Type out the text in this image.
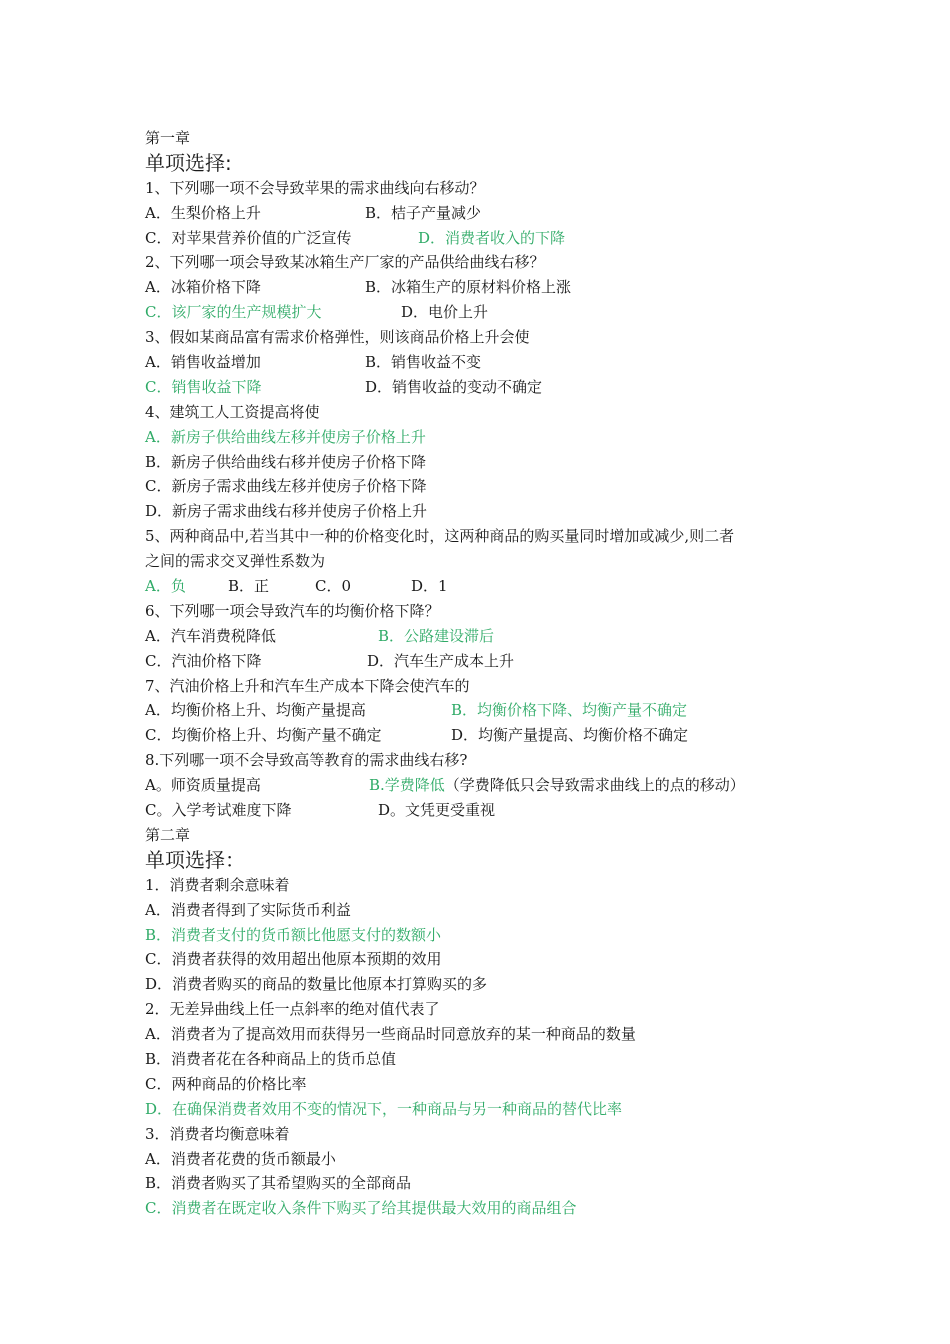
第一章
单项选择:
1、下列哪一项不会导致苹果的需求曲线向右移动？
A．生梨价格上升	B．桔子产量减少
C．对苹果营养价值的广泛宣传	D．消费者收入的下降
2、下列哪一项会导致某冰箱生产厂家的产品供给曲线右移？
A．冰箱价格下降	B．冰箱生产的原材料价格上涨
C．该厂家的生产规模扩大	D．电价上升
3、假如某商品富有需求价格弹性，则该商品价格上升会使
A．销售收益增加	B．销售收益不变
C．销售收益下降	D．销售收益的变动不确定
4、建筑工人工资提高将使
A．新房子供给曲线左移并使房子价格上升
B．新房子供给曲线右移并使房子价格下降
C．新房子需求曲线左移并使房子价格下降
D．新房子需求曲线右移并使房子价格上升
5、两种商品中,若当其中一种的价格变化时，这两种商品的购买量同时增加或减少,则二者
之间的需求交叉弹性系数为
A．负	B．正	C．0	D．1
6、下列哪一项会导致汽车的均衡价格下降？
A．汽车消费税降低	B．公路建设滞后
C．汽油价格下降	D．汽车生产成本上升
7、汽油价格上升和汽车生产成本下降会使汽车的
A．均衡价格上升、均衡产量提高	B．均衡价格下降、均衡产量不确定
C．均衡价格上升、均衡产量不确定	D．均衡产量提高、均衡价格不确定
8.下列哪一项不会导致高等教育的需求曲线右移?
A。师资质量提高	B.学费降低（学费降低只会导致需求曲线上的点的移动）
C。入学考试难度下降	D。文凭更受重视
第二章
单项选择：
1．消费者剩余意味着
A．消费者得到了实际货币利益
B．消费者支付的货币额比他愿支付的数额小
C．消费者获得的效用超出他原本预期的效用
D．消费者购买的商品的数量比他原本打算购买的多
2．无差异曲线上任一点斜率的绝对值代表了
A．消费者为了提高效用而获得另一些商品时同意放弃的某一种商品的数量
B．消费者花在各种商品上的货币总值
C．两种商品的价格比率
D．在确保消费者效用不变的情况下，一种商品与另一种商品的替代比率
3．消费者均衡意味着
A．消费者花费的货币额最小
B．消费者购买了其希望购买的全部商品
C．消费者在既定收入条件下购买了给其提供最大效用的商品组合
